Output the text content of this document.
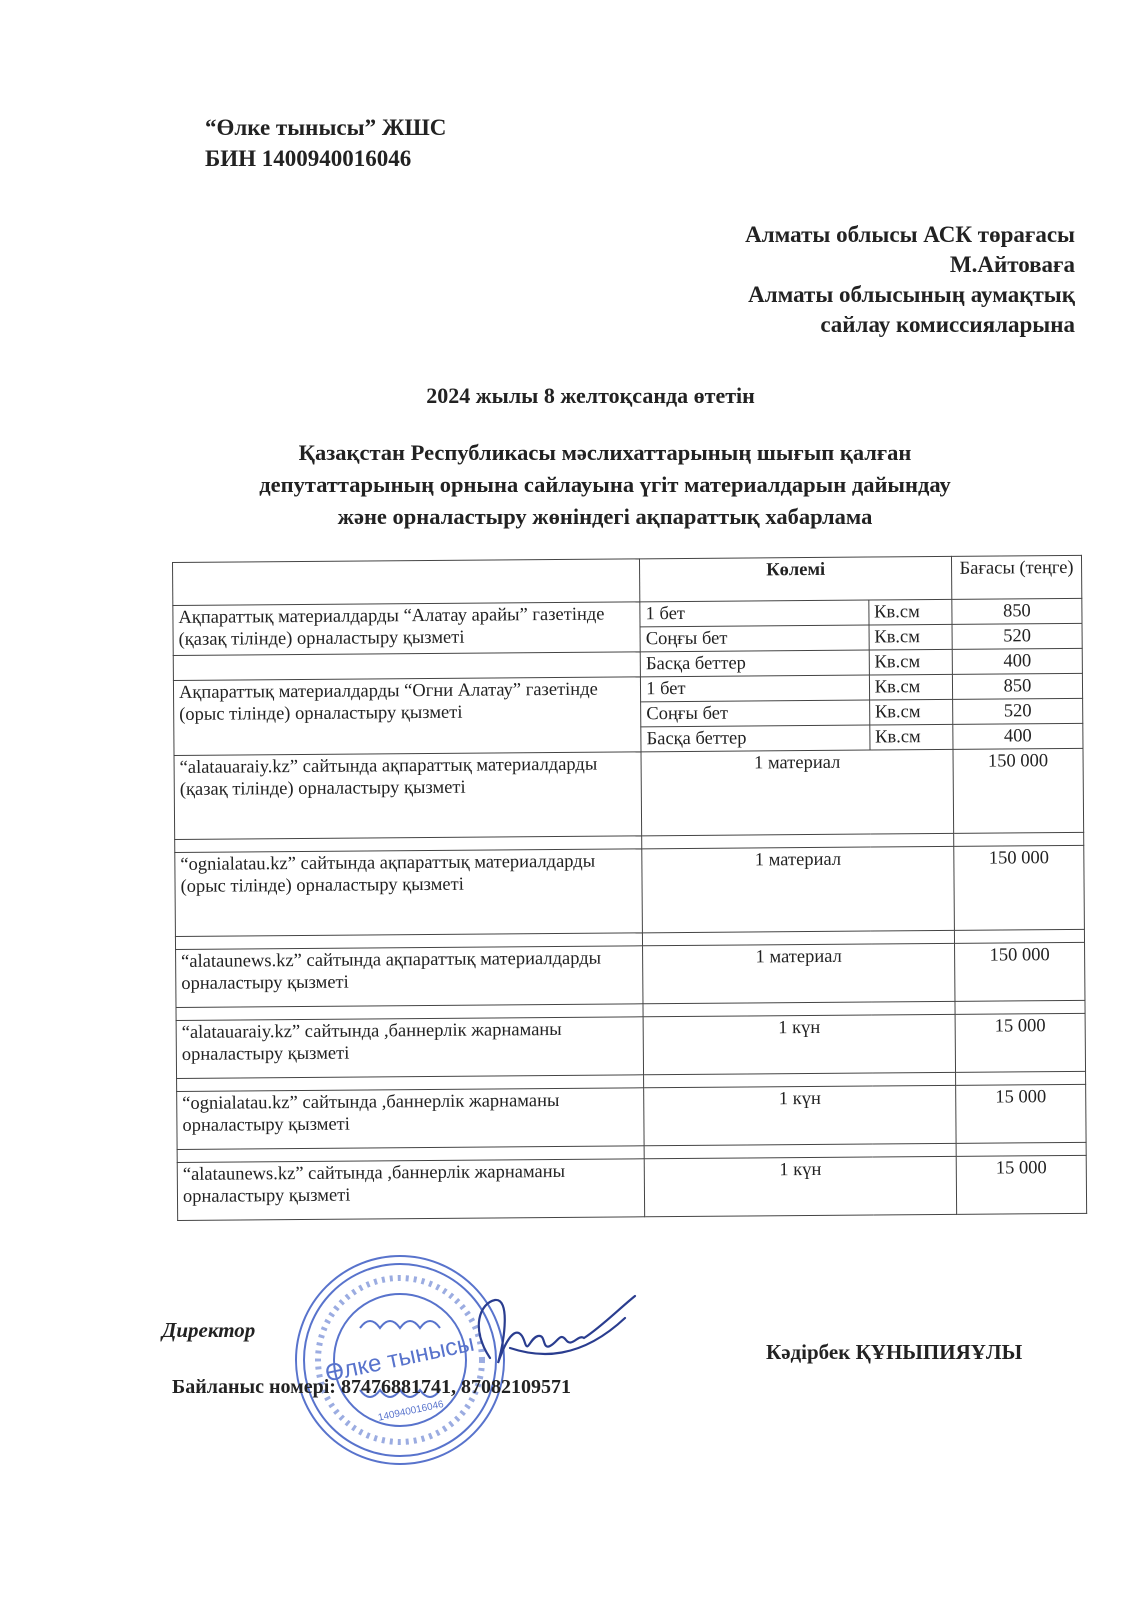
“Өлке тынысы” ЖШС
БИН 1400940016046
Алматы облысы АСК төрағасы
М.Айтоваға
Алматы облысының аумақтық
сайлау комиссияларына
2024 жылы 8 желтоқсанда өтетін
Қазақстан Республикасы мәслихаттарының шығып қалған
депутаттарының орнына сайлауына үгіт материалдарын дайындау
және орналастыру жөніндегі ақпараттық хабарлама
	Көлемі		Бағасы (теңге)
Ақпараттық материалдарды “Алатау арайы” газетінде (қазақ тілінде) орналастыру қызметі	1 бет	Кв.см	850
	Соңғы бет	Кв.см	520
	Басқа беттер	Кв.см	400
Ақпараттық материалдарды “Огни Алатау” газетінде (орыс тілінде) орналастыру қызметі	1 бет	Кв.см	850
	Соңғы бет	Кв.см	520
	Басқа беттер	Кв.см	400
“alatauaraiy.kz” сайтында ақпараттық материалдарды (қазақ тілінде) орналастыру қызметі	1 материал		150 000

“ognialatau.kz” сайтында ақпараттық материалдарды (орыс тілінде) орналастыру қызметі	1 материал		150 000

“alataunews.kz” сайтында ақпараттық материалдарды орналастыру қызметі	1 материал		150 000

“alatauaraiy.kz” сайтында ,баннерлік жарнаманы орналастыру қызметі	1 күн		15 000

“ognialatau.kz” сайтында ,баннерлік жарнаманы орналастыру қызметі	1 күн		15 000

“alataunews.kz” сайтында ,баннерлік жарнаманы орналастыру қызметі	1 күн		15 000
Өлке тынысы
140940016046
Директор
Кәдірбек ҚҰНЫПИЯҰЛЫ
Байланыс номері: 87476881741, 87082109571
